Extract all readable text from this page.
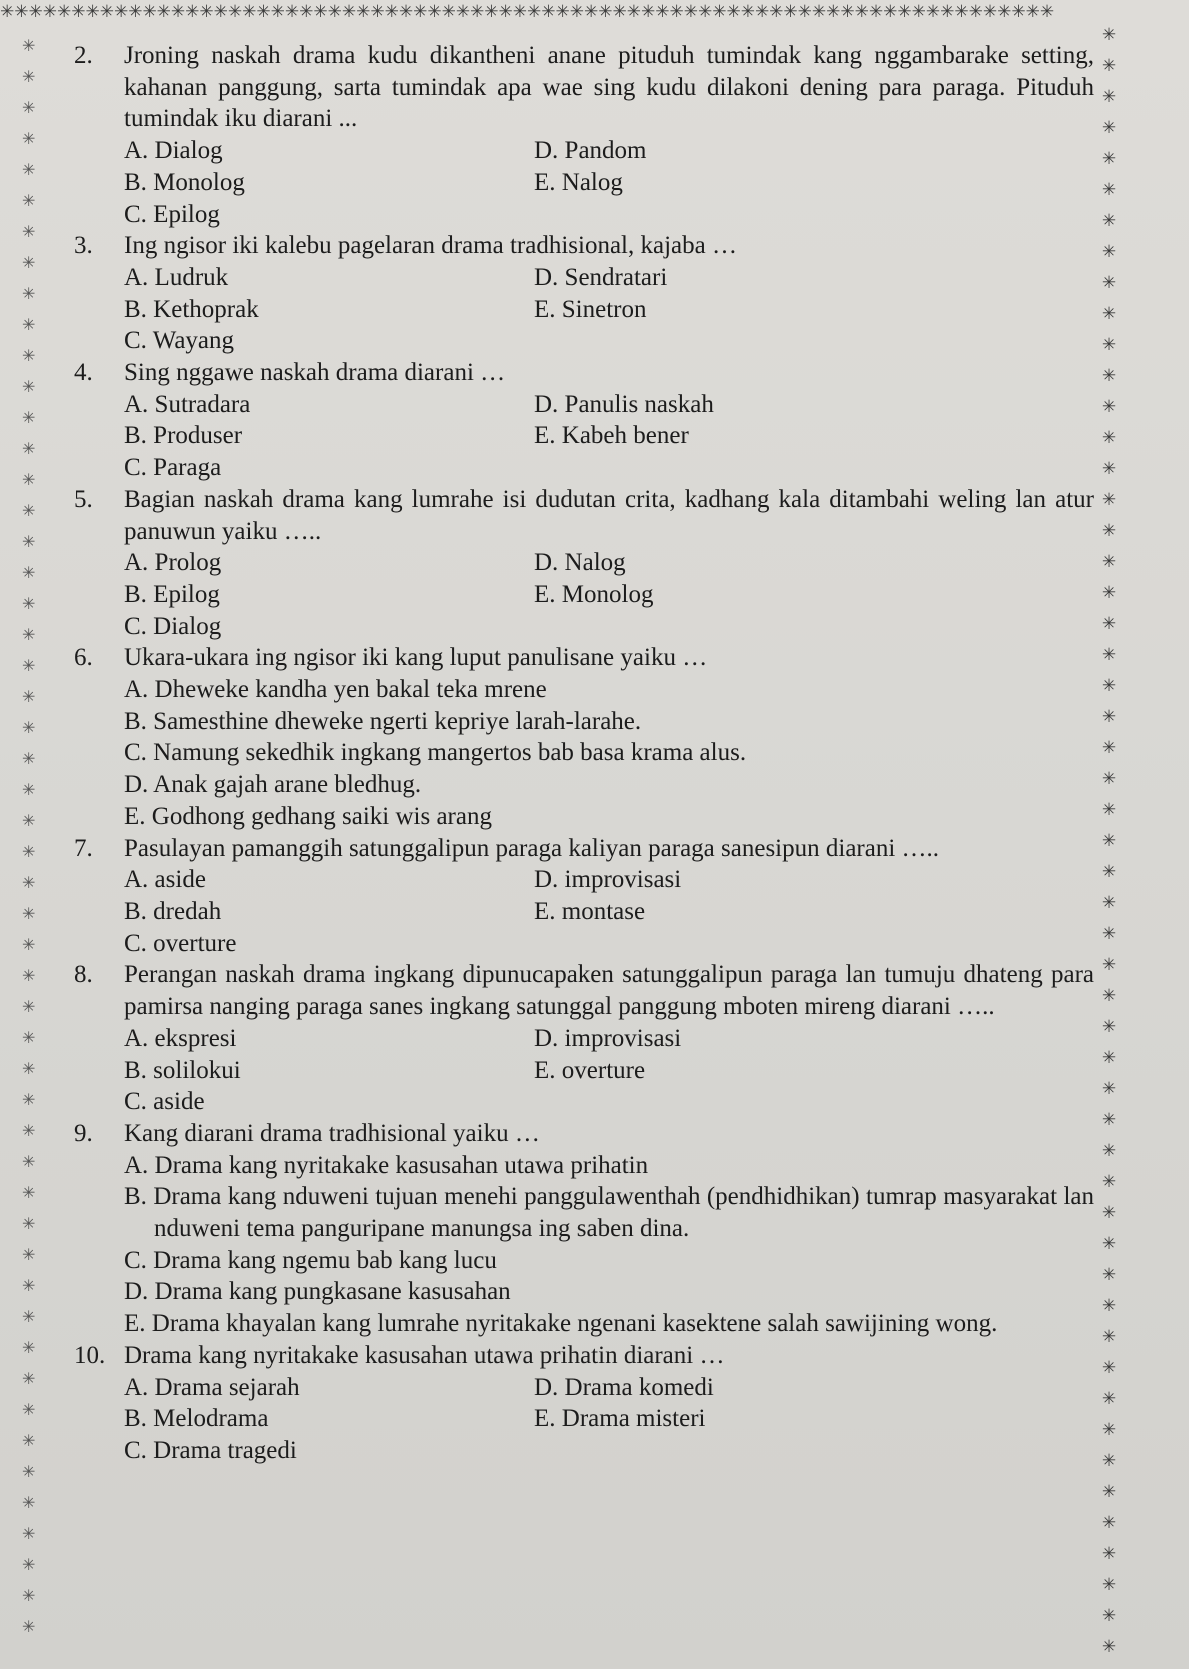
✳✳✳✳✳✳✳✳✳✳✳✳✳✳✳✳✳✳✳✳✳✳✳✳✳✳✳✳✳✳✳✳✳✳✳✳✳✳✳✳✳✳✳✳✳✳✳✳✳✳✳✳✳✳✳✳✳✳✳✳✳✳✳✳✳✳✳✳✳✳✳✳✳✳
✳✳✳✳✳✳✳✳✳✳✳✳✳✳✳✳✳✳✳✳✳✳✳✳✳✳✳✳✳✳✳✳✳✳✳✳✳✳✳✳✳✳✳✳✳✳✳✳✳✳✳✳
✳✳✳✳✳✳✳✳✳✳✳✳✳✳✳✳✳✳✳✳✳✳✳✳✳✳✳✳✳✳✳✳✳✳✳✳✳✳✳✳✳✳✳✳✳✳✳✳✳✳✳✳✳
2.	Jroning naskah drama kudu dikantheni anane pituduh tumindak kang nggambarake setting, kahanan panggung, sarta tumindak apa wae sing kudu dilakoni dening para paraga. Pituduh tumindak iku diarani ...
A. Dialog	D. Pandom
B. Monolog	E. Nalog
C. Epilog
3.	Ing ngisor iki kalebu pagelaran drama tradhisional, kajaba …
A. Ludruk	D. Sendratari
B. Kethoprak	E. Sinetron
C. Wayang
4.	Sing nggawe naskah drama diarani …
A. Sutradara	D. Panulis naskah
B. Produser	E. Kabeh bener
C. Paraga
5.	Bagian naskah drama kang lumrahe isi dudutan crita, kadhang kala ditambahi weling lan atur panuwun yaiku …..
A. Prolog	D. Nalog
B. Epilog	E. Monolog
C. Dialog
6.	Ukara-ukara ing ngisor iki kang luput panulisane yaiku …
A. Dheweke kandha yen bakal teka mrene
B. Samesthine dheweke ngerti kepriye larah-larahe.
C. Namung sekedhik ingkang mangertos bab basa krama alus.
D. Anak gajah arane bledhug.
E. Godhong gedhang saiki wis arang
7.	Pasulayan pamanggih satunggalipun paraga kaliyan paraga sanesipun diarani …..
A. aside	D. improvisasi
B. dredah	E. montase
C. overture
8.	Perangan naskah drama ingkang dipunucapaken satunggalipun paraga lan tumuju dhateng para pamirsa nanging paraga sanes ingkang satunggal panggung mboten mireng diarani …..
A. ekspresi	D. improvisasi
B. solilokui	E. overture
C. aside
9.	Kang diarani drama tradhisional yaiku …
A. Drama kang nyritakake kasusahan utawa prihatin
B. Drama kang nduweni tujuan menehi panggulawenthah (pendhidhikan) tumrap masyarakat lan nduweni tema panguripane manungsa ing saben dina.
C. Drama kang ngemu bab kang lucu
D. Drama kang pungkasane kasusahan
E. Drama khayalan kang lumrahe nyritakake ngenani kasektene salah sawijining wong.
10. Drama kang nyritakake kasusahan utawa prihatin diarani …
A. Drama sejarah	D. Drama komedi
B. Melodrama	E. Drama misteri
C. Drama tragedi
